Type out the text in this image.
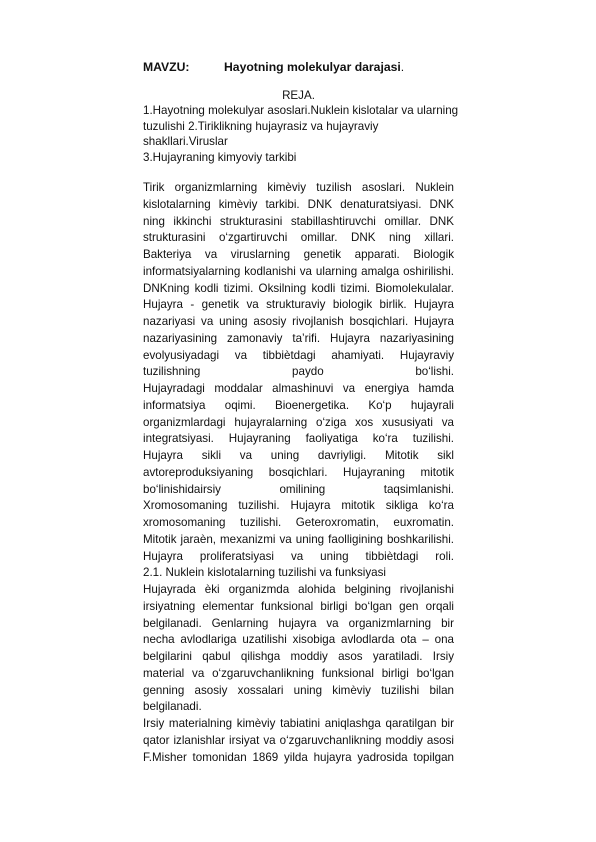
MAVZU:	Hayotning molekulyar darajasi.
REJA.
1.Hayotning molekulyar asoslari.Nuklein kislotalar va ularning
tuzulishi 2.Tiriklikning hujayrasiz va hujayraviy
shakllari.Viruslar
3.Hujayraning kimyoviy tarkibi
Tirik organizmlarning kimèviy tuzilish asoslari. Nuklein kislotalarning kimèviy tarkibi. DNK denaturatsiyasi. DNK ning ikkinchi strukturasini stabillashtiruvchi omillar. DNK strukturasini o‘zgartiruvchi omillar. DNK ning xillari.
Bakteriya va viruslarning genetik apparati. Biologik informatsiyalarning kodlanishi va ularning amalga oshirilishi. DNKning kodli tizimi. Oksilning kodli tizimi. Biomolekulalar.
Hujayra - genetik va strukturaviy biologik birlik. Hujayra nazariyasi va uning asosiy rivojlanish bosqichlari. Hujayra nazariyasining zamonaviy ta’rifi. Hujayra nazariyasining evolyusiyadagi va tibbiètdagi ahamiyati. Hujayraviy tuzilishning paydo bo‘lishi.
Hujayradagi moddalar almashinuvi va energiya hamda informatsiya oqimi. Bioenergetika. Ko‘p hujayrali organizmlardagi hujayralarning o‘ziga xos xususiyati va integratsiyasi. Hujayraning faoliyatiga ko‘ra tuzilishi.
Hujayra sikli va uning davriyligi. Mitotik sikl avtoreproduksiyaning bosqichlari. Hujayraning mitotik bo‘linishidairsiy omilining taqsimlanishi.
Xromosomaning tuzilishi. Hujayra mitotik sikliga ko‘ra xromosomaning tuzilishi. Geteroxromatin, euxromatin. Mitotik jaraèn, mexanizmi va uning faolligining boshkarilishi. Hujayra proliferatsiyasi va uning tibbiètdagi roli.
2.1. Nuklein kislotalarning tuzilishi va funksiyasi
Hujayrada èki organizmda alohida belgining rivojlanishi irsiyatning elementar funksional birligi bo‘lgan gen orqali belgilanadi. Genlarning hujayra va organizmlarning bir necha avlodlariga uzatilishi xisobiga avlodlarda ota – ona belgilarini qabul qilishga moddiy asos yaratiladi. Irsiy material va o‘zgaruvchanlikning funksional birligi bo‘lgan genning asosiy xossalari uning kimèviy tuzilishi bilan belgilanadi.
Irsiy materialning kimèviy tabiatini aniqlashga qaratilgan bir qator izlanishlar irsiyat va o‘zgaruvchanlikning moddiy asosi F.Misher tomonidan 1869 yilda hujayra yadrosida topilgan
